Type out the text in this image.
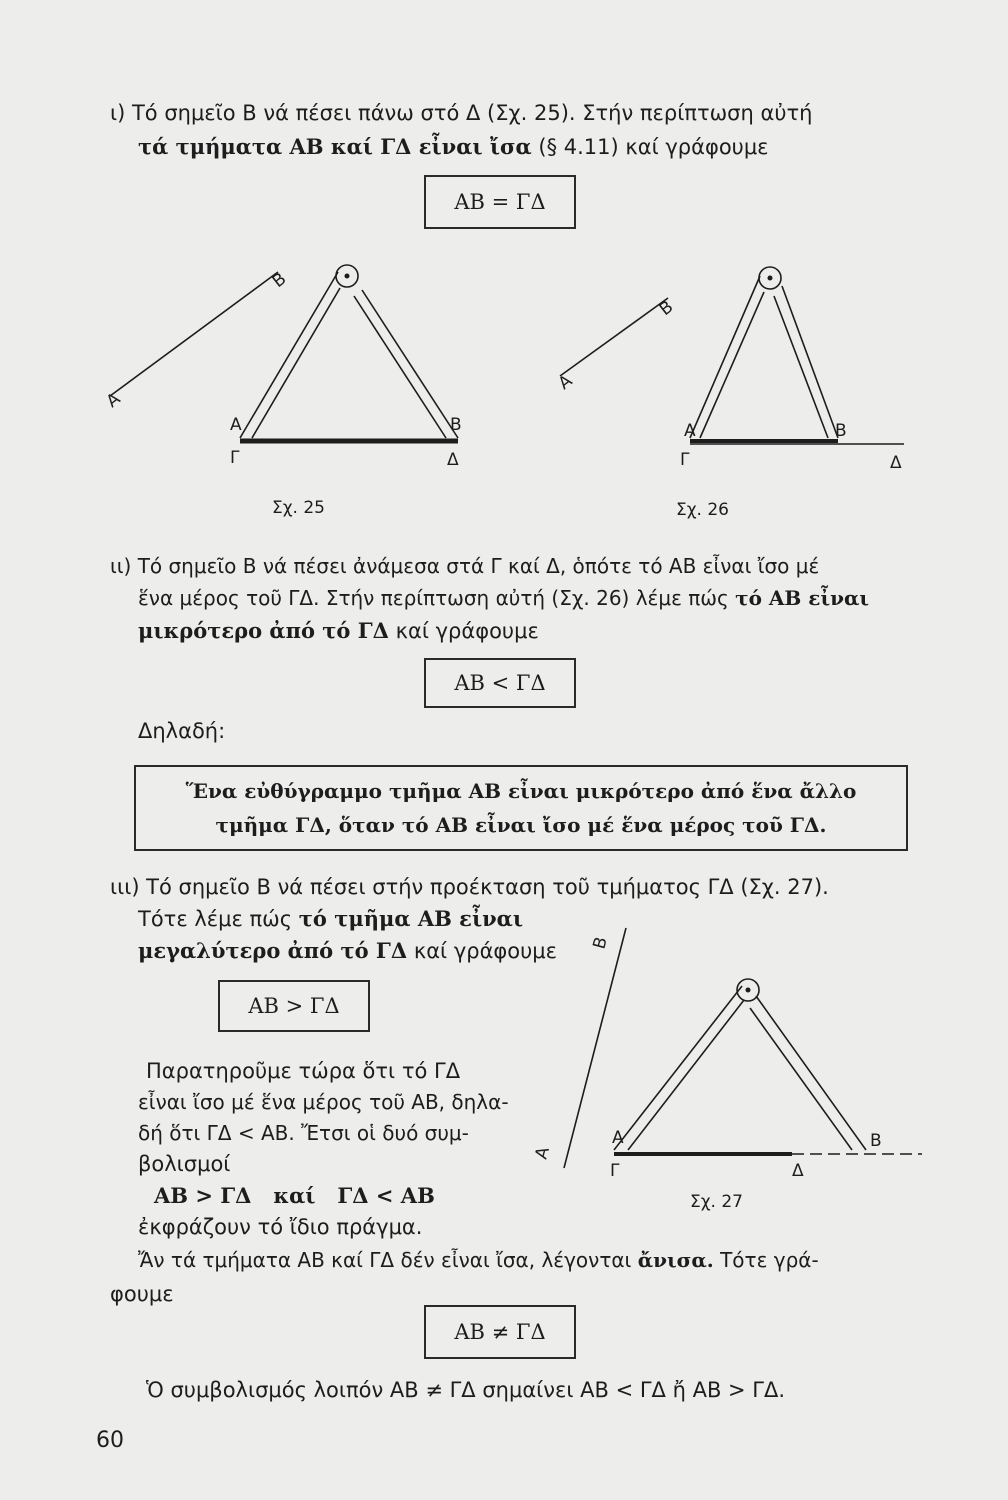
ι) Τό σημεῖο Β νά πέσει πάνω στό Δ (Σχ. 25). Στήν περίπτωση αὐτή
τά τμήματα ΑΒ καί ΓΔ εἶναι ἴσα (§ 4.11) καί γράφουμε
ΑΒ = ΓΔ
Α
Β
Α	Β
Γ	Δ
Σχ. 25
Α
Β
Α	Β
Γ	Δ
Σχ. 26
ιι) Τό σημεῖο Β νά πέσει ἀνάμεσα στά Γ καί Δ, ὁπότε τό ΑΒ εἶναι ἴσο μέ
ἕνα μέρος τοῦ ΓΔ. Στήν περίπτωση αὐτή (Σχ. 26) λέμε πώς τό ΑΒ εἶναι
μικρότερο ἀπό τό ΓΔ καί γράφουμε
ΑΒ < ΓΔ
Δηλαδή:
Ἕνα εὐθύγραμμο τμῆμα ΑΒ εἶναι μικρότερο ἀπό ἕνα ἄλλο
τμῆμα ΓΔ, ὅταν τό ΑΒ εἶναι ἴσο μέ ἕνα μέρος τοῦ ΓΔ.
ιιι) Τό σημεῖο Β νά πέσει στήν προέκταση τοῦ τμήματος ΓΔ (Σχ. 27).
Τότε λέμε πώς τό τμῆμα ΑΒ εἶναι
μεγαλύτερο ἀπό τό ΓΔ καί γράφουμε
ΑΒ > ΓΔ
Παρατηροῦμε τώρα ὅτι τό ΓΔ
εἶναι ἴσο μέ ἕνα μέρος τοῦ ΑΒ, δηλα-
δή ὅτι ΓΔ < ΑΒ. Ἔτσι οἱ δυό συμ-
βολισμοί
ΑΒ > ΓΔ   καί   ΓΔ < ΑΒ
ἐκφράζουν τό ἴδιο πράγμα.
Α
Β
Α	Β
Γ	Δ
Σχ. 27
Ἄν τά τμήματα ΑΒ καί ΓΔ δέν εἶναι ἴσα, λέγονται ἄνισα. Τότε γρά-
φουμε
ΑΒ ≠ ΓΔ
Ὁ συμβολισμός λοιπόν ΑΒ ≠ ΓΔ σημαίνει ΑΒ < ΓΔ ἤ ΑΒ > ΓΔ.
60
